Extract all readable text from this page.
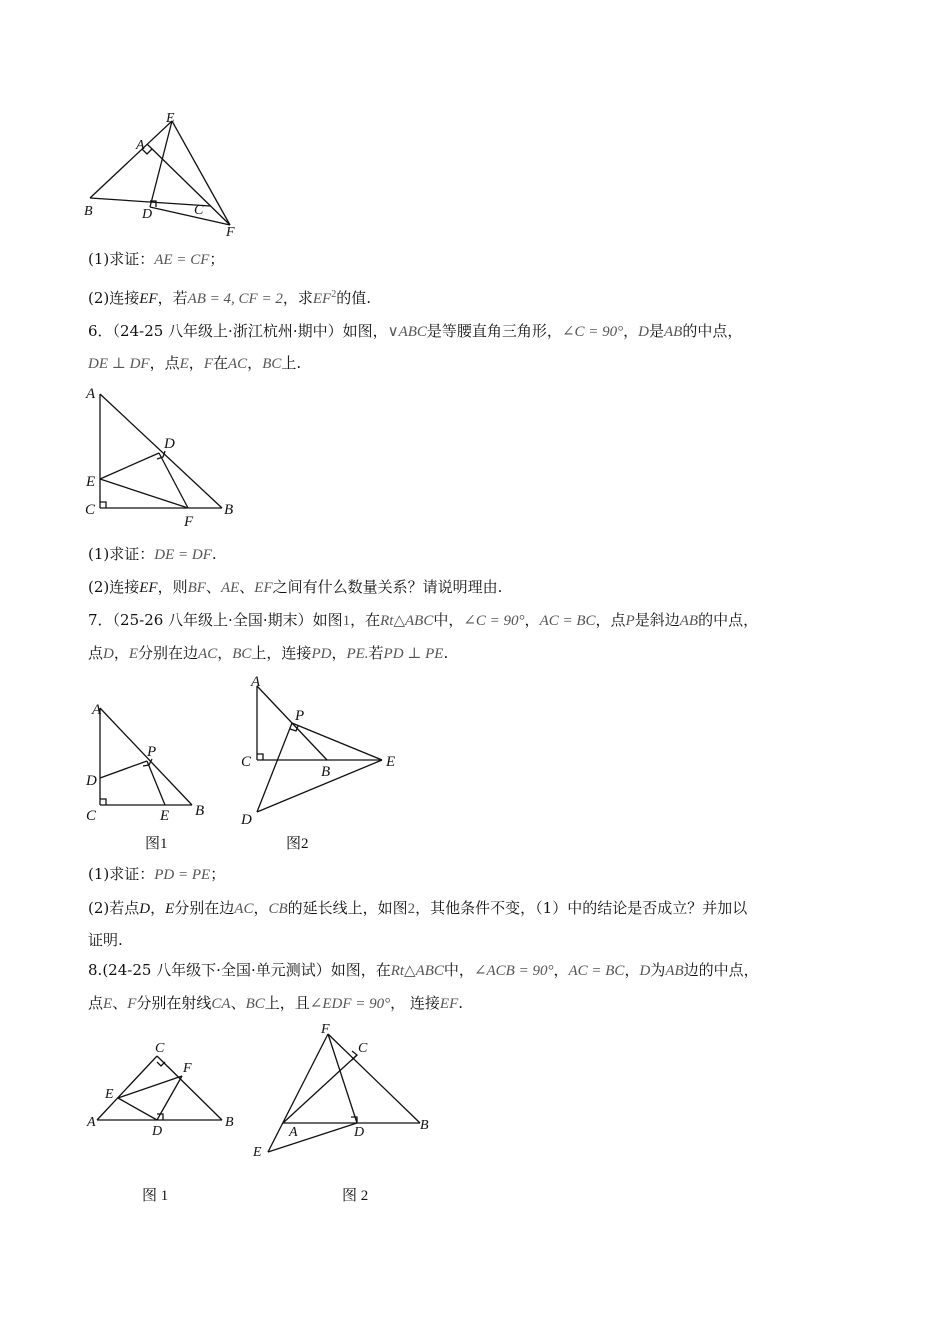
E
A
B	D	C
F
(1)求证：AE = CF；
(2)连接EF，若AB = 4, CF = 2，求$EF^2$的值.
6．（24-25 八年级上·浙江杭州·期中）如图，∨ABC是等腰直角三角形，∠C = 90°，D是AB的中点，
DE ⊥ DF，点E，F在AC，BC上.
A
D
E
C
F
B
(1)求证：DE = DF.
(2)连接EF，则BF、AE、EF之间有什么数量关系？请说明理由.
7．（25-26 八年级上·全国·期末）如图1，在Rt△ABC中，∠C = 90°，AC = BC，点P是斜边AB的中点，
点D，E分别在边AC，BC上，连接PD，PE.若PD ⊥ PE.
A
P
D
C	E B
图1
A
P
C
B
E
D
图2
(1)求证：PD = PE；
(2)若点D，E分别在边AC，CB的延长线上，如图2，其他条件不变，（1）中的结论是否成立？并加以
证明.
8.(24-25 八年级下·全国·单元测试）如图，在Rt△ABC中，∠ACB = 90°，AC = BC，D为AB边的中点，
点E、F分别在射线CA、BC上，且∠EDF = 90°， 连接EF.
C
F
E
A
D
B
图 1
F
C
A	D	B
E
图 2
